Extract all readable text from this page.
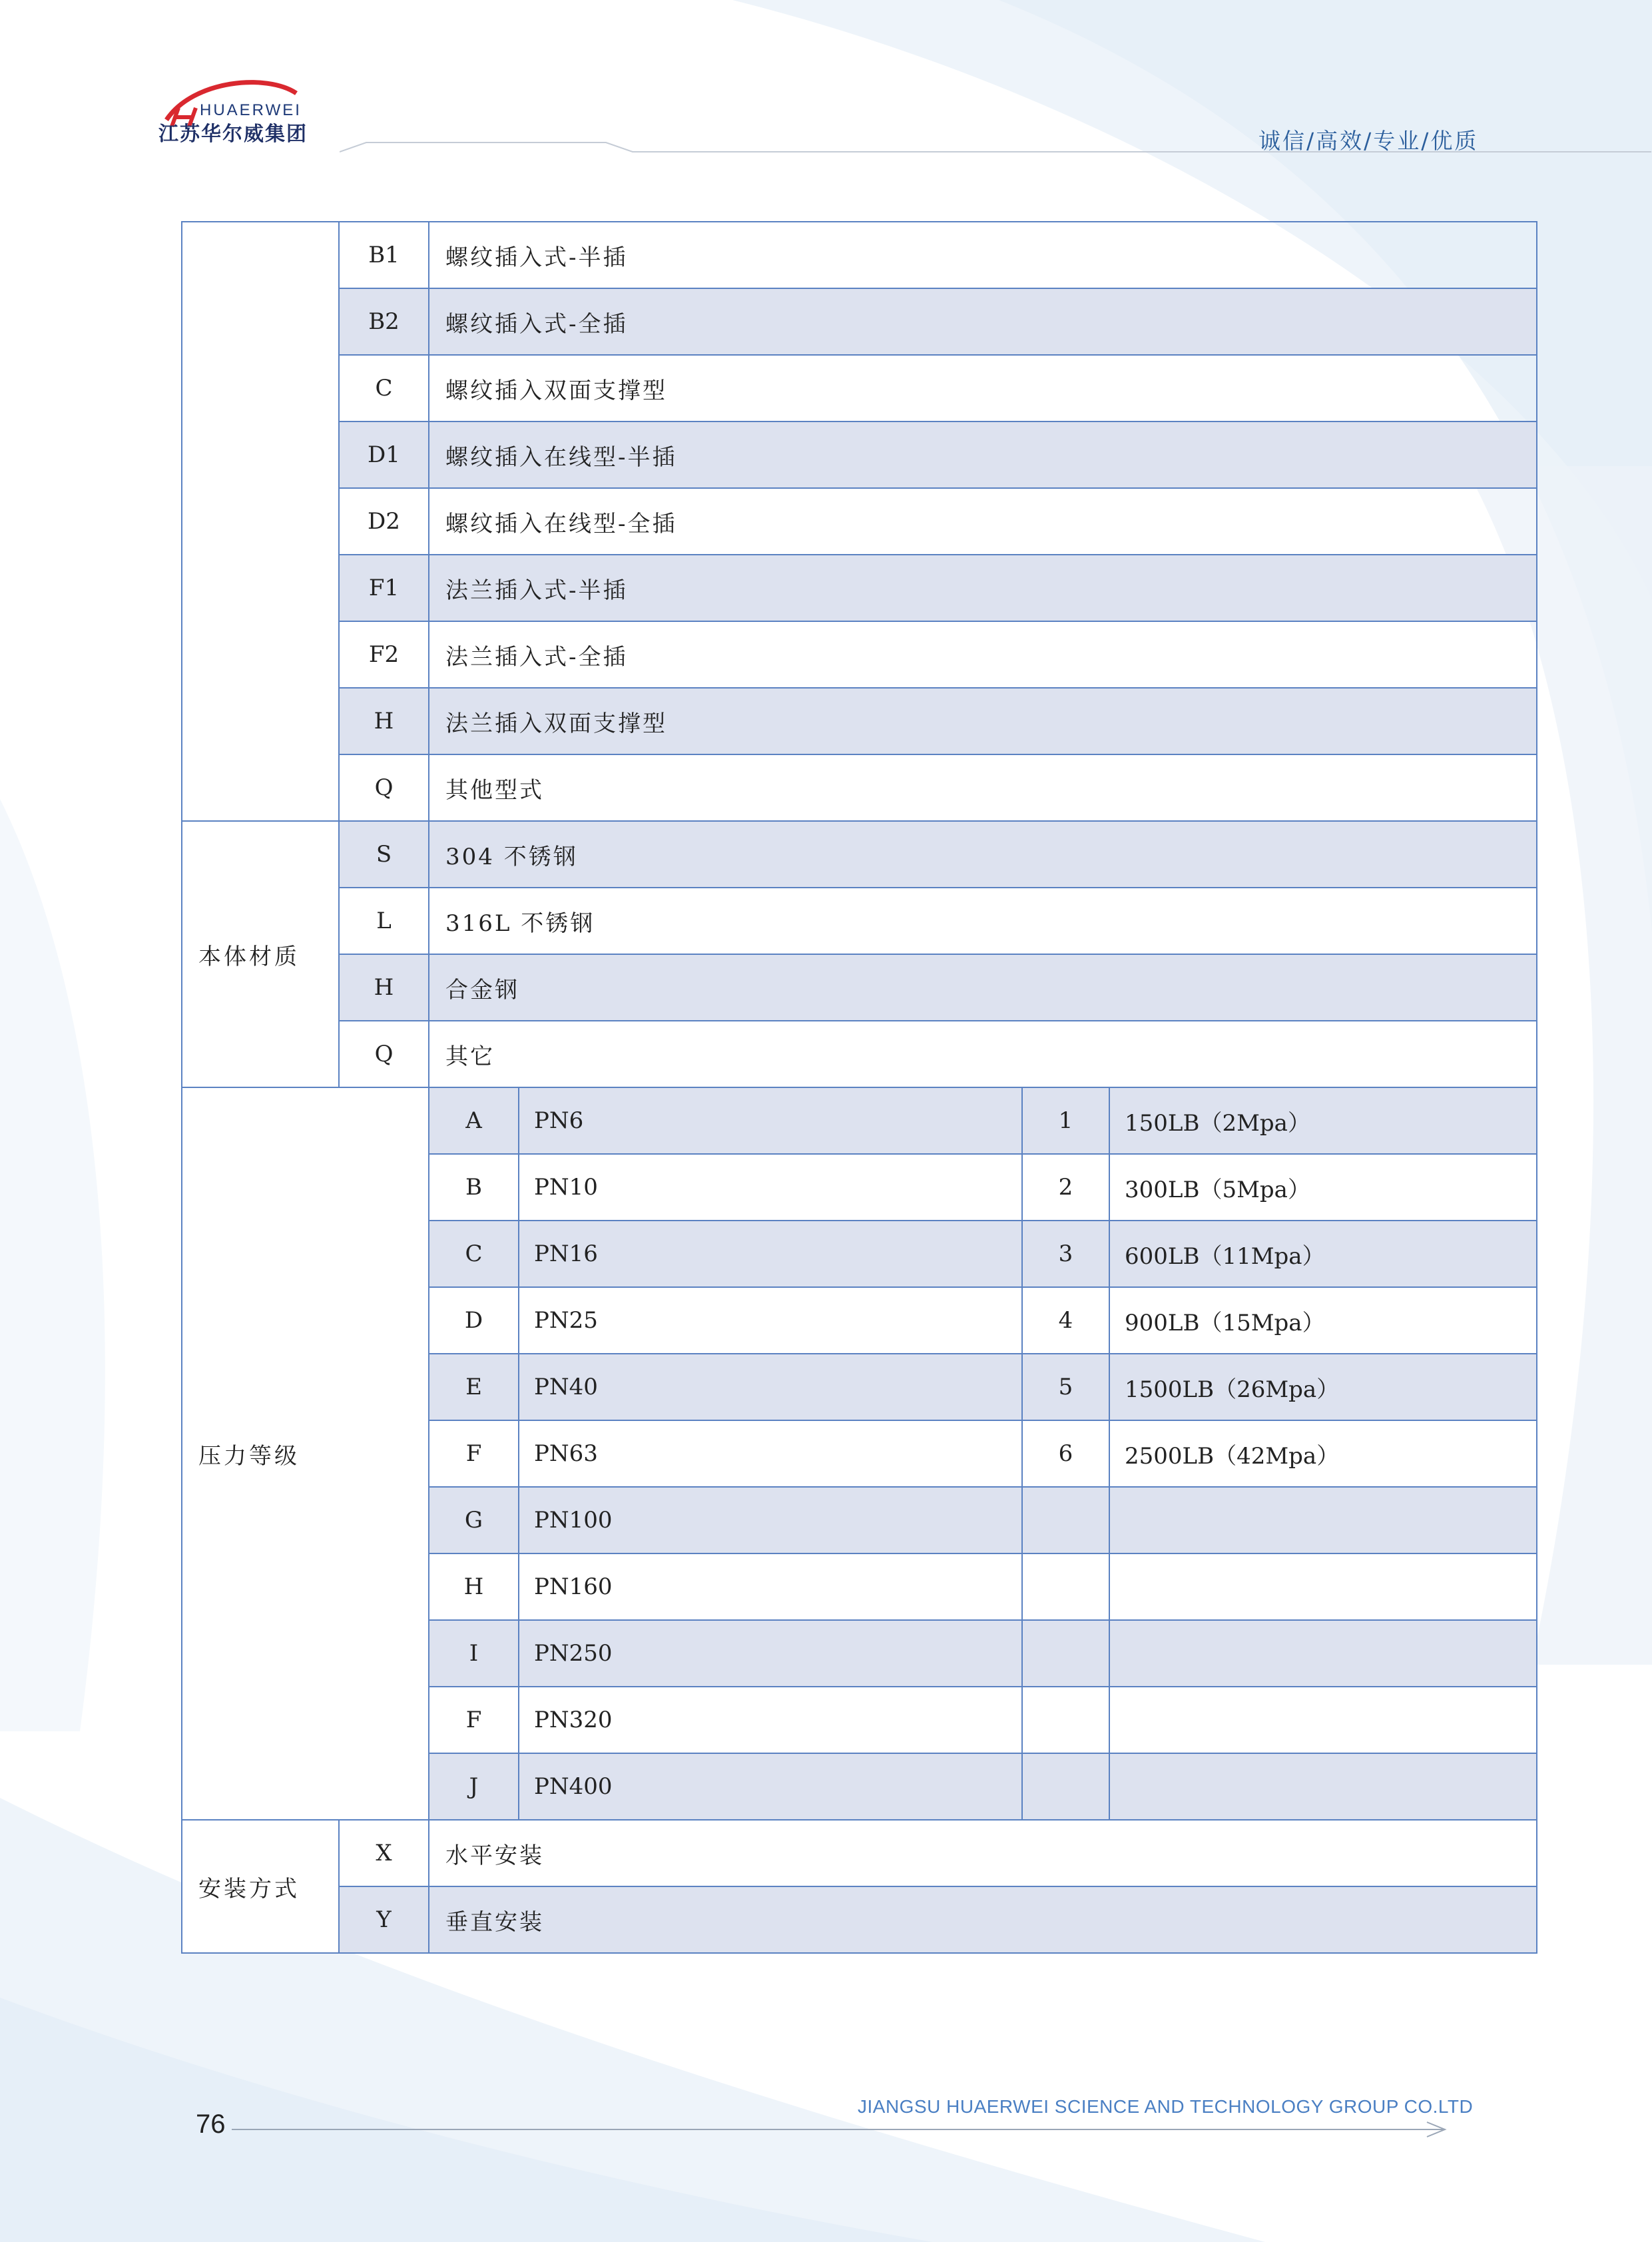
HUAERWEI
江苏华尔威集团	诚信/高效/专业/优质
	B1	螺纹插入式-半插			
	B2	螺纹插入式-全插			
	C	螺纹插入双面支撑型			
	D1	螺纹插入在线型-半插			
	D2	螺纹插入在线型-全插			
	F1	法兰插入式-半插			
	F2	法兰插入式-全插			
	H	法兰插入双面支撑型			
	Q	其他型式			
本体材质	S	304 不锈钢			
	L	316L 不锈钢			
	H	合金钢			
	Q	其它			
压力等级		A	PN6	1	150LB（2Mpa）
		B	PN10	2	300LB（5Mpa）
		C	PN16	3	600LB（11Mpa）
		D	PN25	4	900LB（15Mpa）
		E	PN40	5	1500LB（26Mpa）
		F	PN63	6	2500LB（42Mpa）
		G	PN100		
		H	PN160		
		I	PN250		
		F	PN320		
		J	PN400		
安装方式	X	水平安装			
	Y	垂直安装			
76
JIANGSU HUAERWEI SCIENCE AND TECHNOLOGY GROUP CO.LTD
